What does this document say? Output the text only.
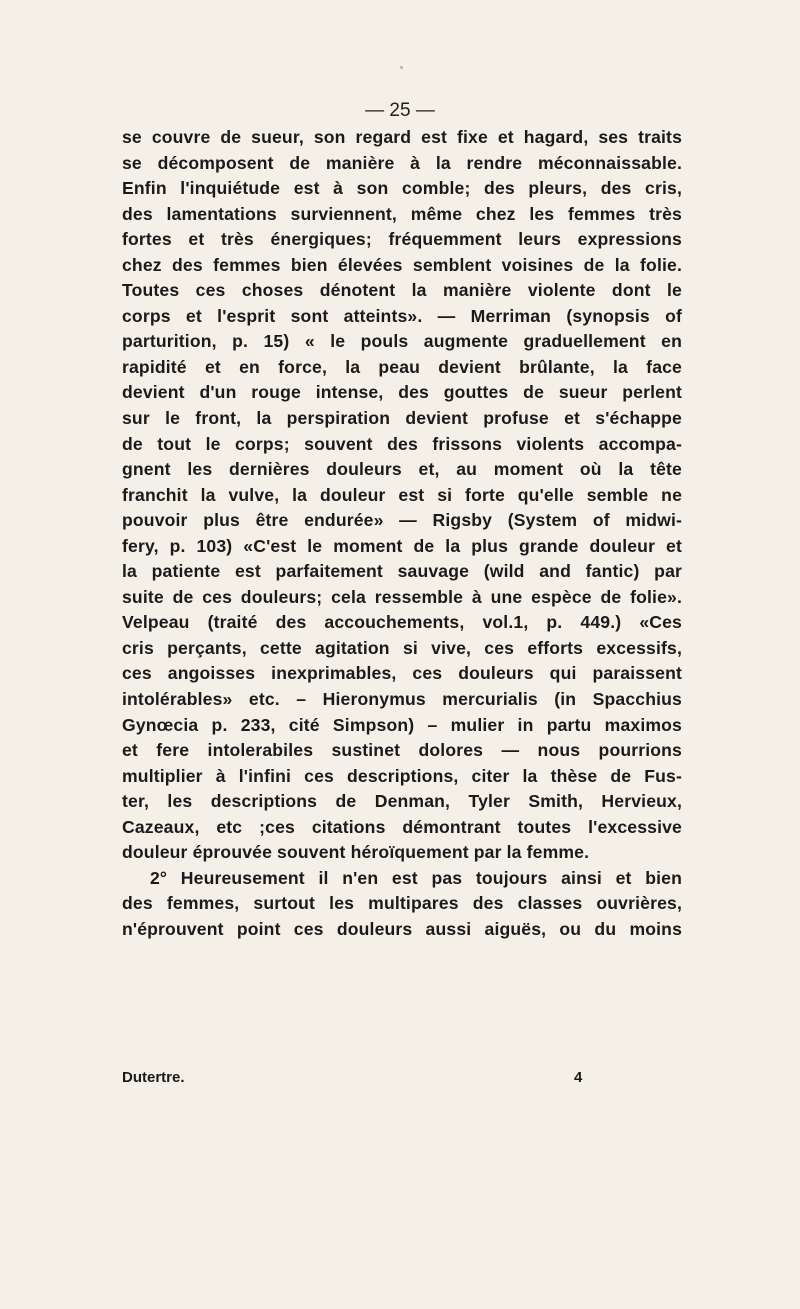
— 25 —
se couvre de sueur, son regard est fixe et hagard, ses traits
se décomposent de manière à la rendre méconnaissable.
Enfin l'inquiétude est à son comble; des pleurs, des cris,
des lamentations surviennent, même chez les femmes très
fortes et très énergiques; fréquemment leurs expressions
chez des femmes bien élevées semblent voisines de la folie.
Toutes ces choses dénotent la manière violente dont le
corps et l'esprit sont atteints». — Merriman (synopsis of
parturition, p. 15) « le pouls augmente graduellement en
rapidité et en force, la peau devient brûlante, la face
devient d'un rouge intense, des gouttes de sueur perlent
sur le front, la perspiration devient profuse et s'échappe
de tout le corps; souvent des frissons violents accompa-
gnent les dernières douleurs et, au moment où la tête
franchit la vulve, la douleur est si forte qu'elle semble ne
pouvoir plus être endurée» — Rigsby (System of midwi-
fery, p. 103) «C'est le moment de la plus grande douleur et
la patiente est parfaitement sauvage (wild and fantic) par
suite de ces douleurs; cela ressemble à une espèce de folie».
Velpeau (traité des accouchements, vol.1, p. 449.) «Ces
cris perçants, cette agitation si vive, ces efforts excessifs,
ces angoisses inexprimables, ces douleurs qui paraissent
intolérables» etc. – Hieronymus mercurialis (in Spacchius
Gynœcia p. 233, cité Simpson) – mulier in partu maximos
et fere intolerabiles sustinet dolores — nous pourrions
multiplier à l'infini ces descriptions, citer la thèse de Fus-
ter, les descriptions de Denman, Tyler Smith, Hervieux,
Cazeaux, etc ;ces citations démontrant toutes l'excessive
douleur éprouvée souvent héroïquement par la femme.
2° Heureusement il n'en est pas toujours ainsi et bien
des femmes, surtout les multipares des classes ouvrières,
n'éprouvent point ces douleurs aussi aiguës, ou du moins
Dutertre.	4
